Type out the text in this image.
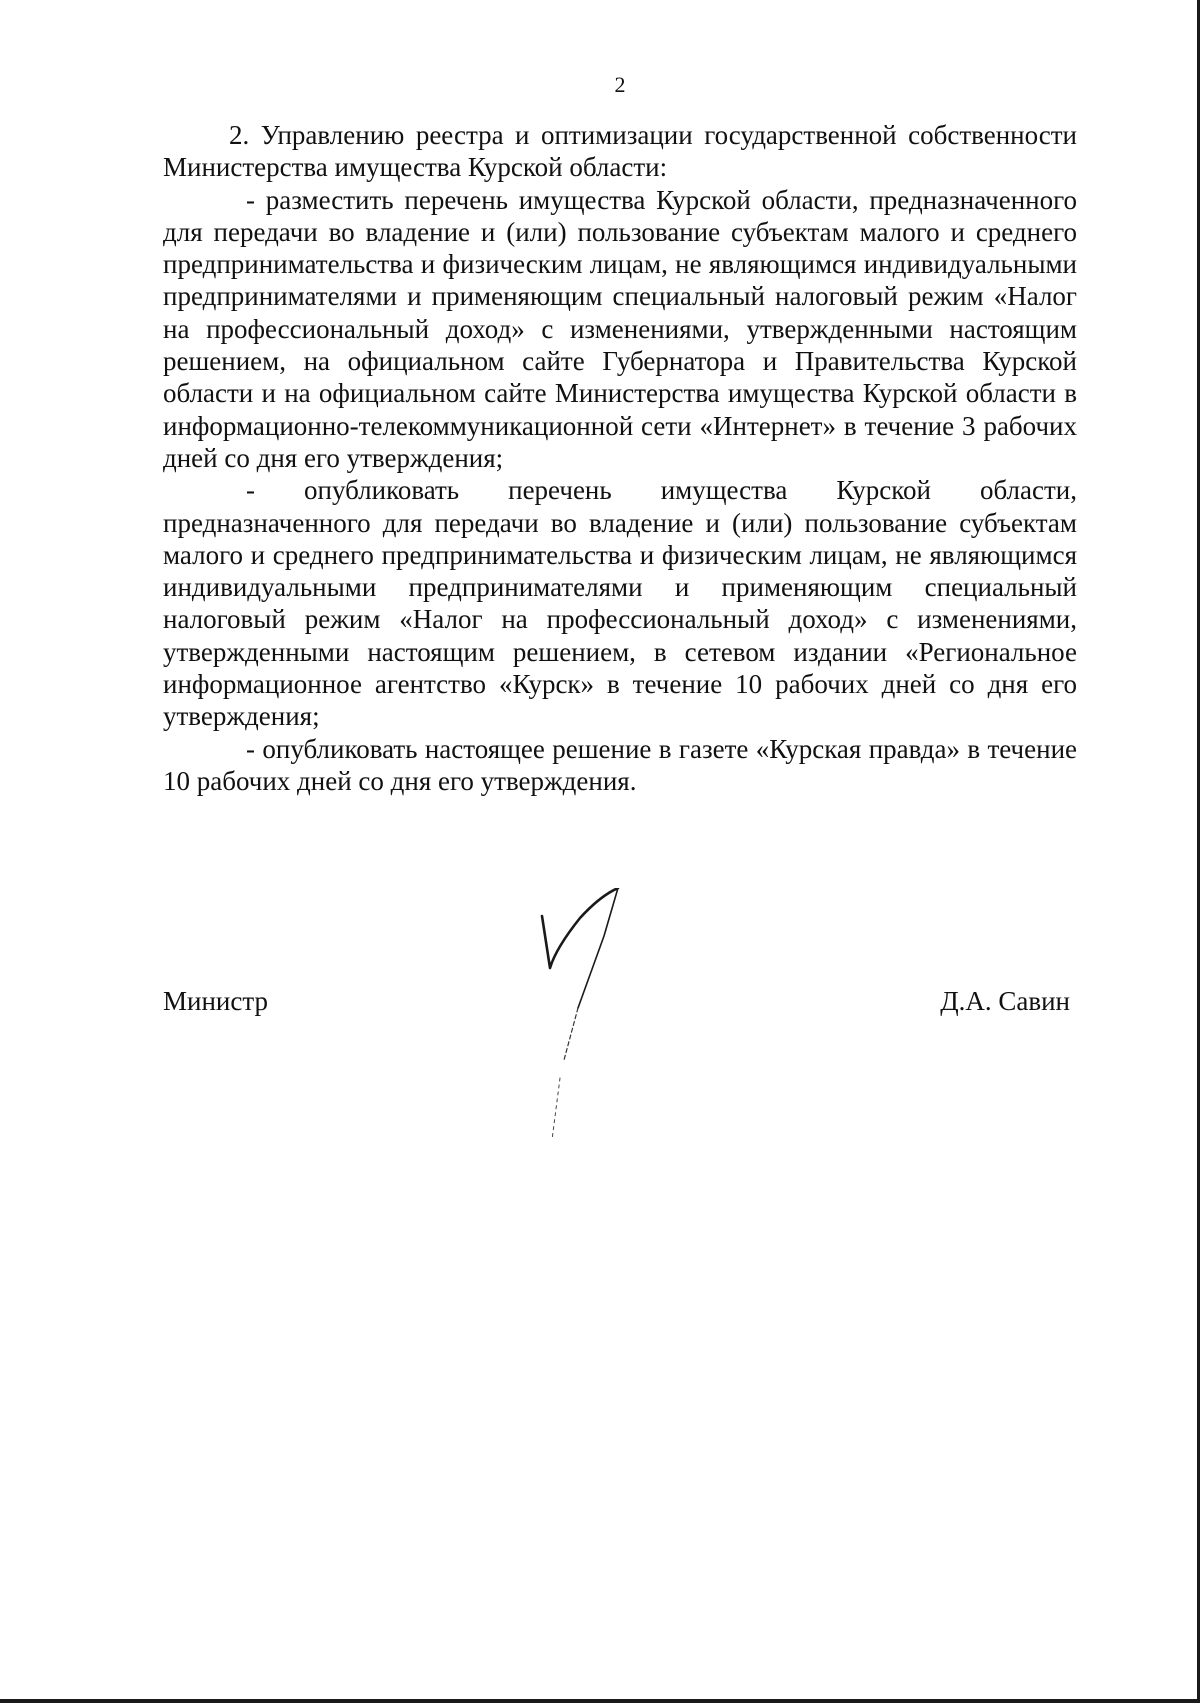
2

2. Управлению реестра и оптимизации государственной собственности Министерства имущества Курской области:

- разместить перечень имущества Курской области, предназначенного для передачи во владение и (или) пользование субъектам малого и среднего предпринимательства и физическим лицам, не являющимся индивидуальными предпринимателями и применяющим специальный налоговый режим «Налог на профессиональный доход» с изменениями, утвержденными настоящим решением, на официальном сайте Губернатора и Правительства Курской области и на официальном сайте Министерства имущества Курской области в информационно-телекоммуникационной сети «Интернет» в течение 3 рабочих дней со дня его утверждения;

- опубликовать перечень имущества Курской области, предназначенного для передачи во владение и (или) пользование субъектам малого и среднего предпринимательства и физическим лицам, не являющимся индивидуальными предпринимателями и применяющим специальный налоговый режим «Налог на профессиональный доход» с изменениями, утвержденными настоящим решением, в сетевом издании «Региональное информационное агентство «Курск» в течение 10 рабочих дней со дня его утверждения;

- опубликовать настоящее решение в газете «Курская правда» в течение 10 рабочих дней со дня его утверждения.

Министр	Д.А. Савин
